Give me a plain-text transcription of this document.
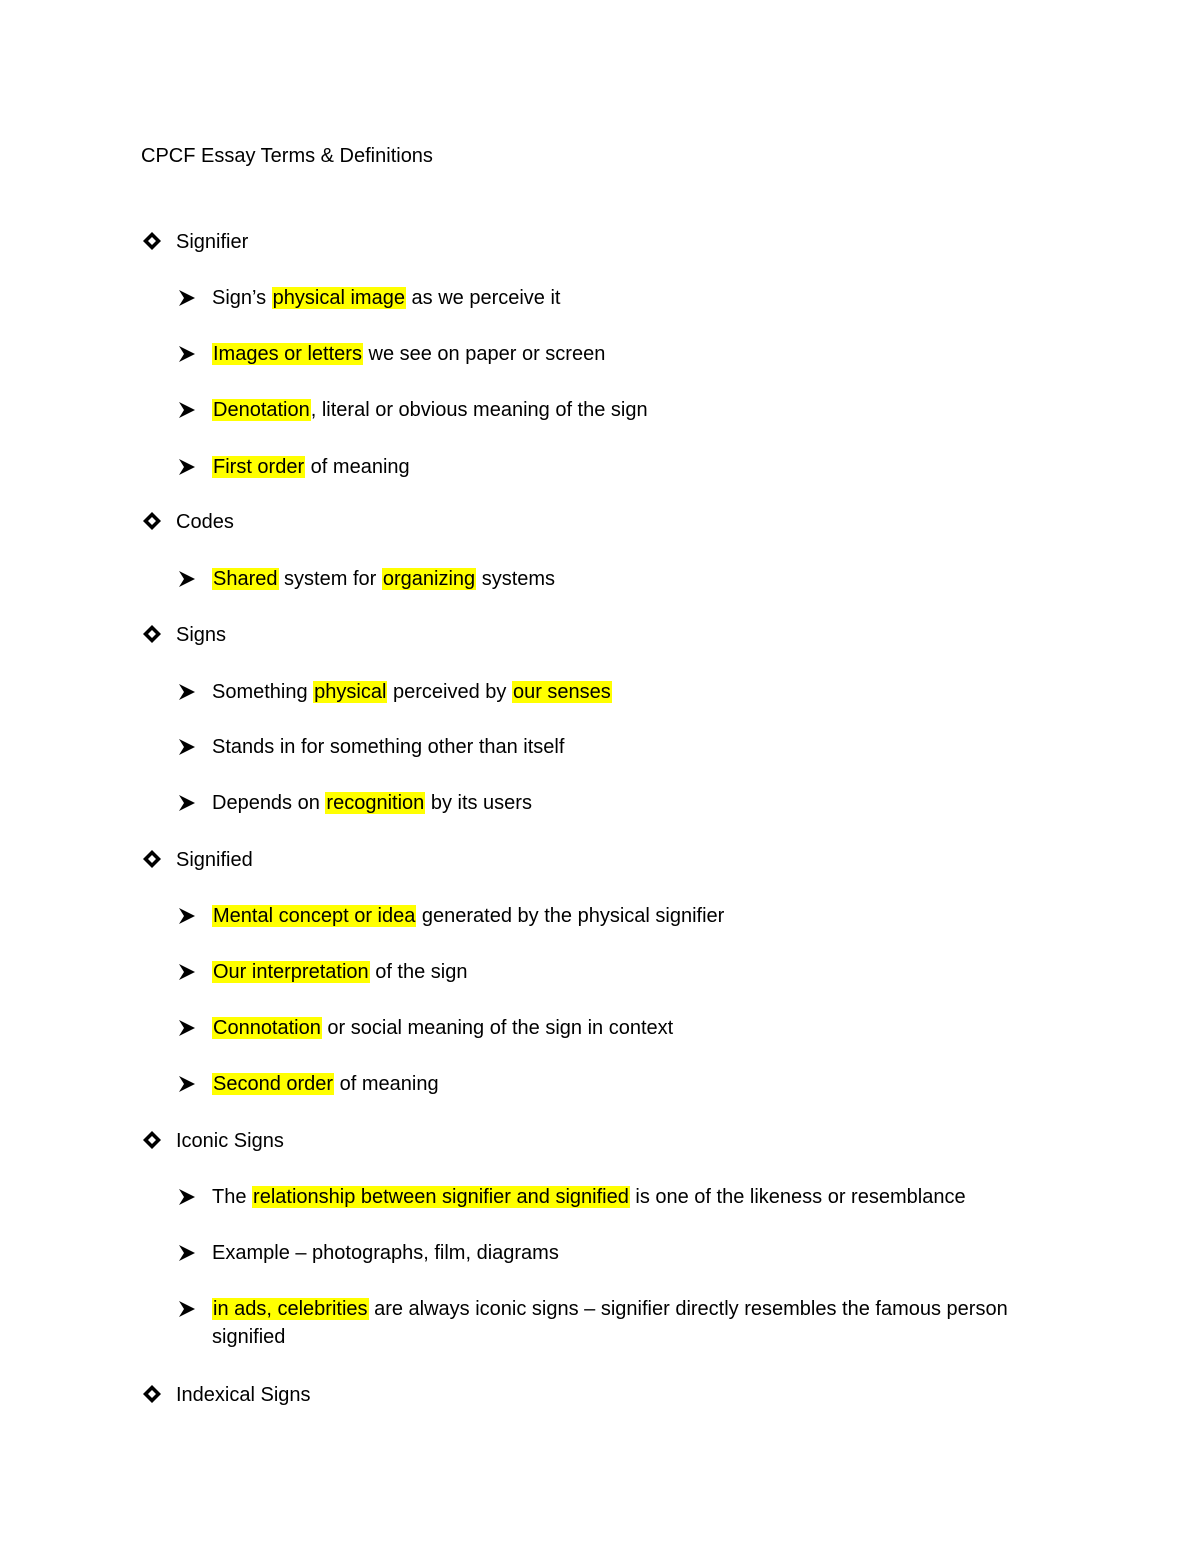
CPCF Essay Terms & Definitions
Signifier
Sign’s physical image as we perceive it
Images or letters we see on paper or screen
Denotation, literal or obvious meaning of the sign
First order of meaning
Codes
Shared system for organizing systems
Signs
Something physical perceived by our senses
Stands in for something other than itself
Depends on recognition by its users
Signified
Mental concept or idea generated by the physical signifier
Our interpretation of the sign
Connotation or social meaning of the sign in context
Second order of meaning
Iconic Signs
The relationship between signifier and signified is one of the likeness or resemblance
Example – photographs, film, diagrams
in ads, celebrities are always iconic signs – signifier directly resembles the famous person signified
Indexical Signs
